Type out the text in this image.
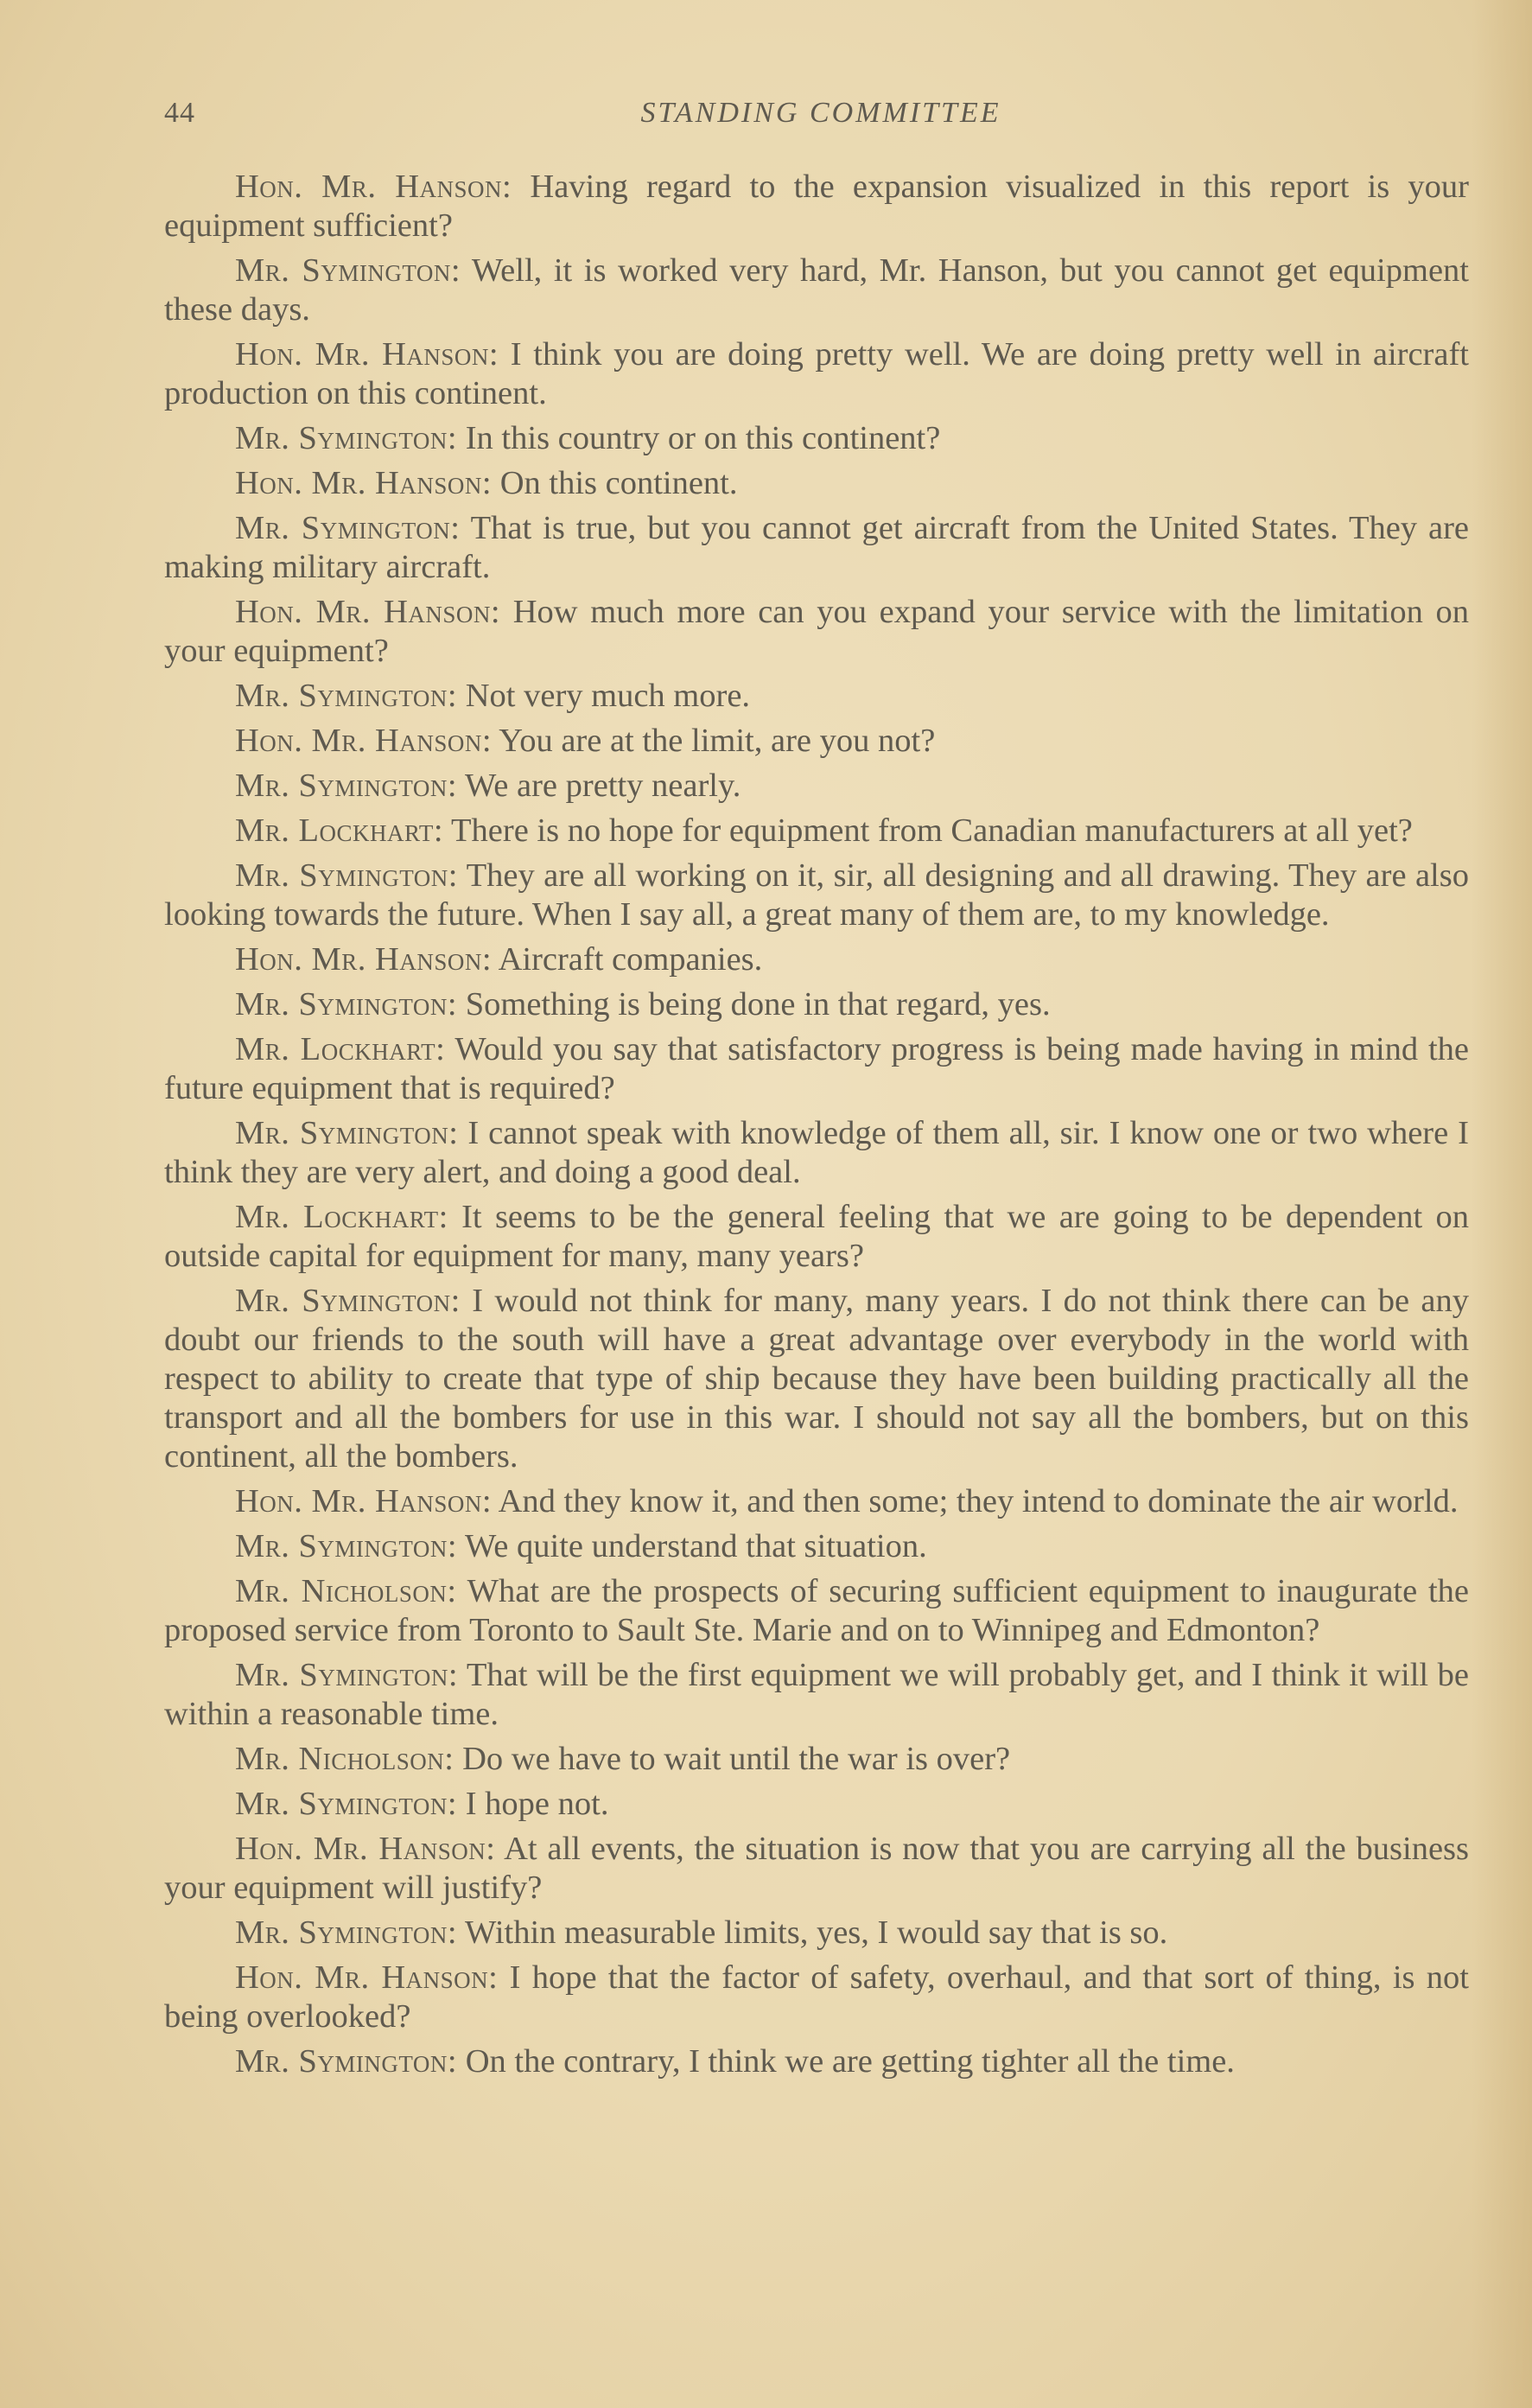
44	STANDING COMMITTEE

Hon. Mr. Hanson: Having regard to the expansion visualized in this report is your equipment sufficient?

Mr. Symington: Well, it is worked very hard, Mr. Hanson, but you cannot get equipment these days.

Hon. Mr. Hanson: I think you are doing pretty well. We are doing pretty well in aircraft production on this continent.

Mr. Symington: In this country or on this continent?

Hon. Mr. Hanson: On this continent.

Mr. Symington: That is true, but you cannot get aircraft from the United States. They are making military aircraft.

Hon. Mr. Hanson: How much more can you expand your service with the limitation on your equipment?

Mr. Symington: Not very much more.

Hon. Mr. Hanson: You are at the limit, are you not?

Mr. Symington: We are pretty nearly.

Mr. Lockhart: There is no hope for equipment from Canadian manufacturers at all yet?

Mr. Symington: They are all working on it, sir, all designing and all drawing. They are also looking towards the future. When I say all, a great many of them are, to my knowledge.

Hon. Mr. Hanson: Aircraft companies.

Mr. Symington: Something is being done in that regard, yes.

Mr. Lockhart: Would you say that satisfactory progress is being made having in mind the future equipment that is required?

Mr. Symington: I cannot speak with knowledge of them all, sir. I know one or two where I think they are very alert, and doing a good deal.

Mr. Lockhart: It seems to be the general feeling that we are going to be dependent on outside capital for equipment for many, many years?

Mr. Symington: I would not think for many, many years. I do not think there can be any doubt our friends to the south will have a great advantage over everybody in the world with respect to ability to create that type of ship because they have been building practically all the transport and all the bombers for use in this war. I should not say all the bombers, but on this continent, all the bombers.

Hon. Mr. Hanson: And they know it, and then some; they intend to dominate the air world.

Mr. Symington: We quite understand that situation.

Mr. Nicholson: What are the prospects of securing sufficient equipment to inaugurate the proposed service from Toronto to Sault Ste. Marie and on to Winnipeg and Edmonton?

Mr. Symington: That will be the first equipment we will probably get, and I think it will be within a reasonable time.

Mr. Nicholson: Do we have to wait until the war is over?

Mr. Symington: I hope not.

Hon. Mr. Hanson: At all events, the situation is now that you are carrying all the business your equipment will justify?

Mr. Symington: Within measurable limits, yes, I would say that is so.

Hon. Mr. Hanson: I hope that the factor of safety, overhaul, and that sort of thing, is not being overlooked?

Mr. Symington: On the contrary, I think we are getting tighter all the time.
